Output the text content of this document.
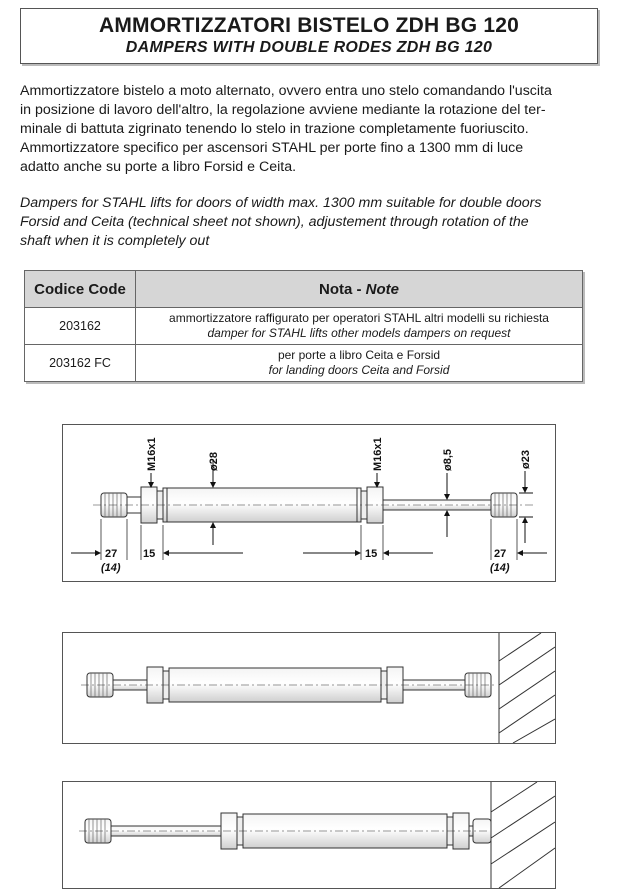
AMMORTIZZATORI BISTELO ZDH BG 120
DAMPERS WITH DOUBLE RODES ZDH BG 120

Ammortizzatore bistelo a moto alternato, ovvero entra uno stelo comandando l'uscita
in posizione di lavoro dell'altro, la regolazione avviene mediante la rotazione del ter-
minale di battuta zigrinato tenendo lo stelo in trazione completamente fuoriuscito.
Ammortizzatore specifico per ascensori STAHL per porte fino a 1300 mm di luce
adatto anche su porte a libro Forsid e Ceita.

Dampers for STAHL lifts for doors of width max. 1300 mm suitable for double doors
Forsid and Ceita (technical sheet not shown), adjustement through rotation of the
shaft when it is completely out

Codice Code	Nota - Note
203162	ammortizzatore raffigurato per operatori STAHL altri modelli su richiesta
damper for STAHL lifts other models dampers on request

203162 FC	per porte a libro Ceita e Forsid
for landing doors Ceita and Forsid
M16x1	ø28	M16x1	ø8,5	ø23
27
(14)
15	15	27
(14)
